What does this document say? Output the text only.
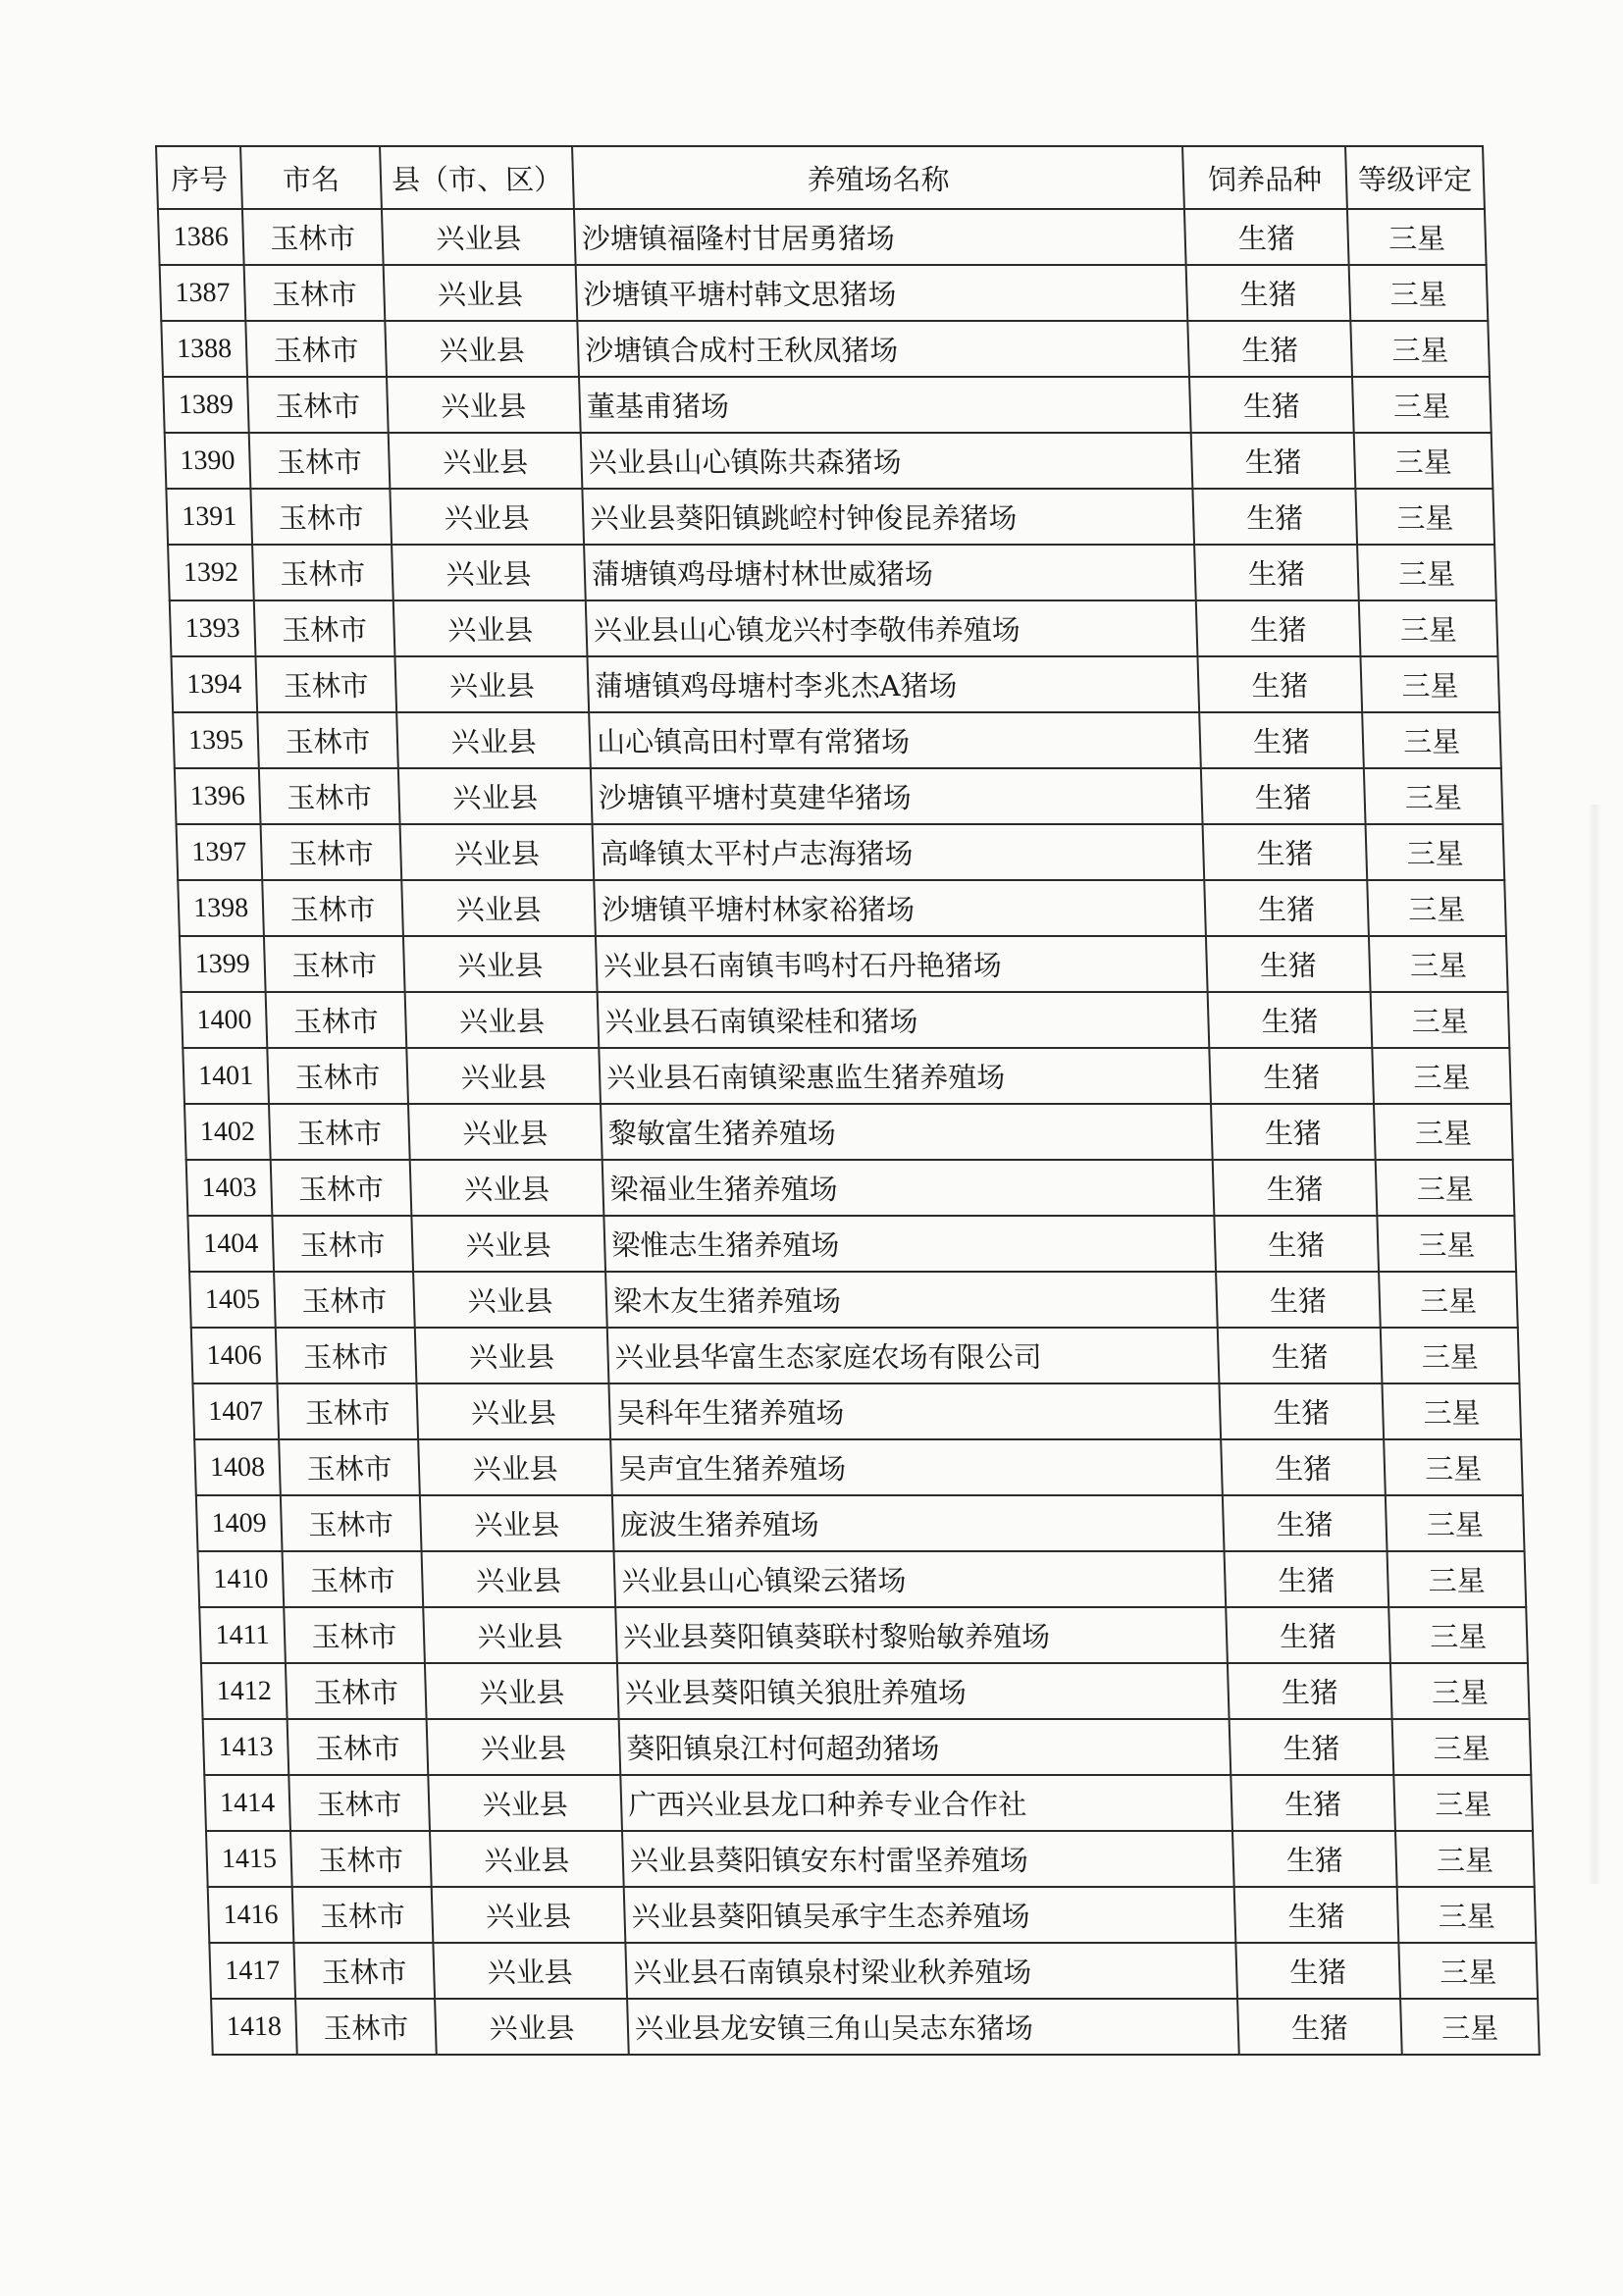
序号	市名	县（市、区）	养殖场名称	饲养品种	等级评定
1386	玉林市	兴业县	沙塘镇福隆村甘居勇猪场	生猪	三星
1387	玉林市	兴业县	沙塘镇平塘村韩文思猪场	生猪	三星
1388	玉林市	兴业县	沙塘镇合成村王秋凤猪场	生猪	三星
1389	玉林市	兴业县	董基甫猪场	生猪	三星
1390	玉林市	兴业县	兴业县山心镇陈共森猪场	生猪	三星
1391	玉林市	兴业县	兴业县葵阳镇跳崆村钟俊昆养猪场	生猪	三星
1392	玉林市	兴业县	蒲塘镇鸡母塘村林世威猪场	生猪	三星
1393	玉林市	兴业县	兴业县山心镇龙兴村李敬伟养殖场	生猪	三星
1394	玉林市	兴业县	蒲塘镇鸡母塘村李兆杰A猪场	生猪	三星
1395	玉林市	兴业县	山心镇高田村覃有常猪场	生猪	三星
1396	玉林市	兴业县	沙塘镇平塘村莫建华猪场	生猪	三星
1397	玉林市	兴业县	高峰镇太平村卢志海猪场	生猪	三星
1398	玉林市	兴业县	沙塘镇平塘村林家裕猪场	生猪	三星
1399	玉林市	兴业县	兴业县石南镇韦鸣村石丹艳猪场	生猪	三星
1400	玉林市	兴业县	兴业县石南镇梁桂和猪场	生猪	三星
1401	玉林市	兴业县	兴业县石南镇梁惠监生猪养殖场	生猪	三星
1402	玉林市	兴业县	黎敏富生猪养殖场	生猪	三星
1403	玉林市	兴业县	梁福业生猪养殖场	生猪	三星
1404	玉林市	兴业县	梁惟志生猪养殖场	生猪	三星
1405	玉林市	兴业县	梁木友生猪养殖场	生猪	三星
1406	玉林市	兴业县	兴业县华富生态家庭农场有限公司	生猪	三星
1407	玉林市	兴业县	吴科年生猪养殖场	生猪	三星
1408	玉林市	兴业县	吴声宜生猪养殖场	生猪	三星
1409	玉林市	兴业县	庞波生猪养殖场	生猪	三星
1410	玉林市	兴业县	兴业县山心镇梁云猪场	生猪	三星
1411	玉林市	兴业县	兴业县葵阳镇葵联村黎贻敏养殖场	生猪	三星
1412	玉林市	兴业县	兴业县葵阳镇关狼肚养殖场	生猪	三星
1413	玉林市	兴业县	葵阳镇泉江村何超劲猪场	生猪	三星
1414	玉林市	兴业县	广西兴业县龙口种养专业合作社	生猪	三星
1415	玉林市	兴业县	兴业县葵阳镇安东村雷坚养殖场	生猪	三星
1416	玉林市	兴业县	兴业县葵阳镇吴承宇生态养殖场	生猪	三星
1417	玉林市	兴业县	兴业县石南镇泉村梁业秋养殖场	生猪	三星
1418	玉林市	兴业县	兴业县龙安镇三角山吴志东猪场	生猪	三星
